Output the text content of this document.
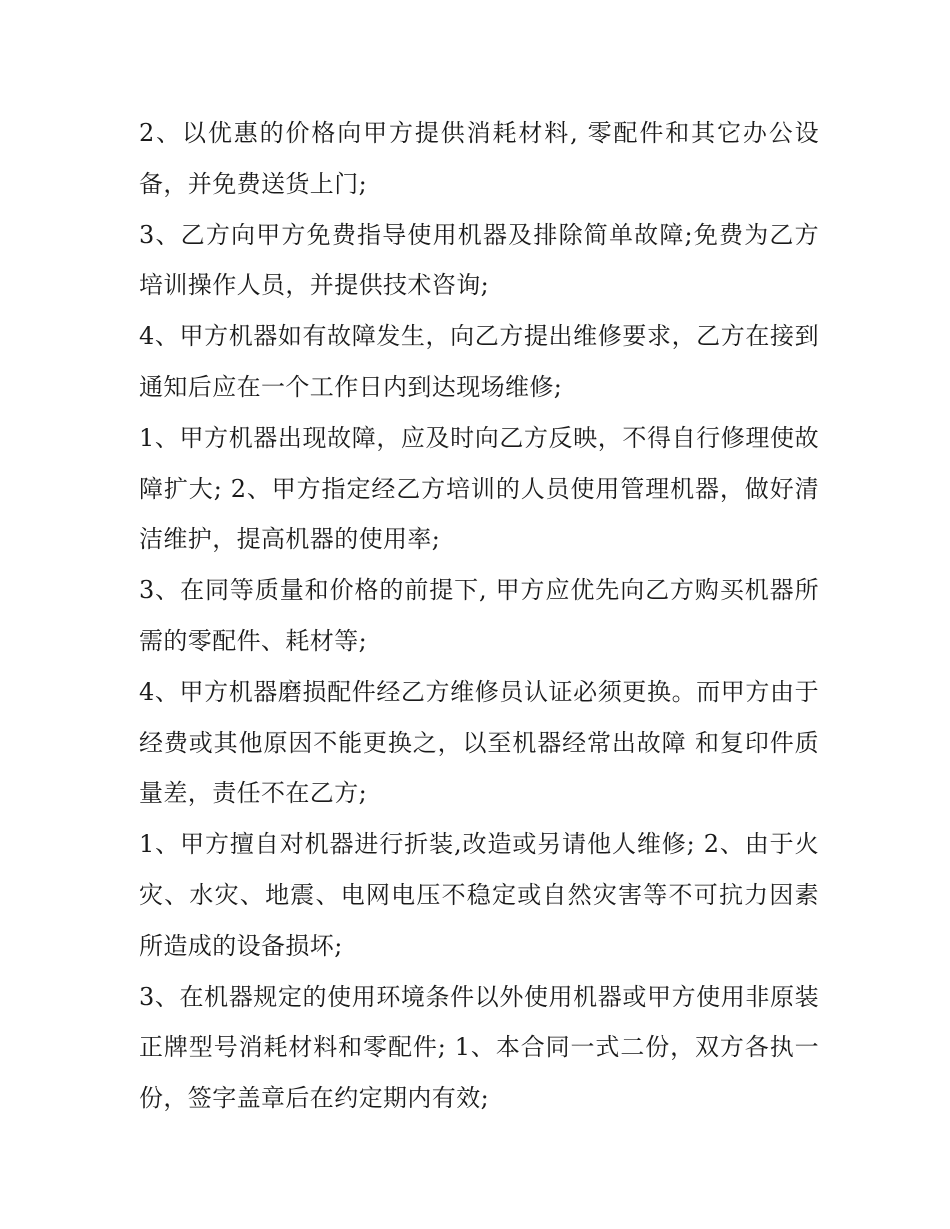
2、以优惠的价格向甲方提供消耗材料, 零配件和其它办公设备，并免费送货上门;

3、乙方向甲方免费指导使用机器及排除简单故障;免费为乙方培训操作人员，并提供技术咨询;

4、甲方机器如有故障发生，向乙方提出维修要求，乙方在接到通知后应在一个工作日内到达现场维修;

1、甲方机器出现故障，应及时向乙方反映，不得自行修理使故障扩大; 2、甲方指定经乙方培训的人员使用管理机器，做好清洁维护，提高机器的使用率;

3、在同等质量和价格的前提下, 甲方应优先向乙方购买机器所需的零配件、耗材等;

4、甲方机器磨损配件经乙方维修员认证必须更换。而甲方由于经费或其他原因不能更换之，以至机器经常出故障 和复印件质量差，责任不在乙方;

1、甲方擅自对机器进行折装,改造或另请他人维修; 2、由于火灾、水灾、地震、电网电压不稳定或自然灾害等不可抗力因素所造成的设备损坏;

3、在机器规定的使用环境条件以外使用机器或甲方使用非原装正牌型号消耗材料和零配件; 1、本合同一式二份，双方各执一份，签字盖章后在约定期内有效;
